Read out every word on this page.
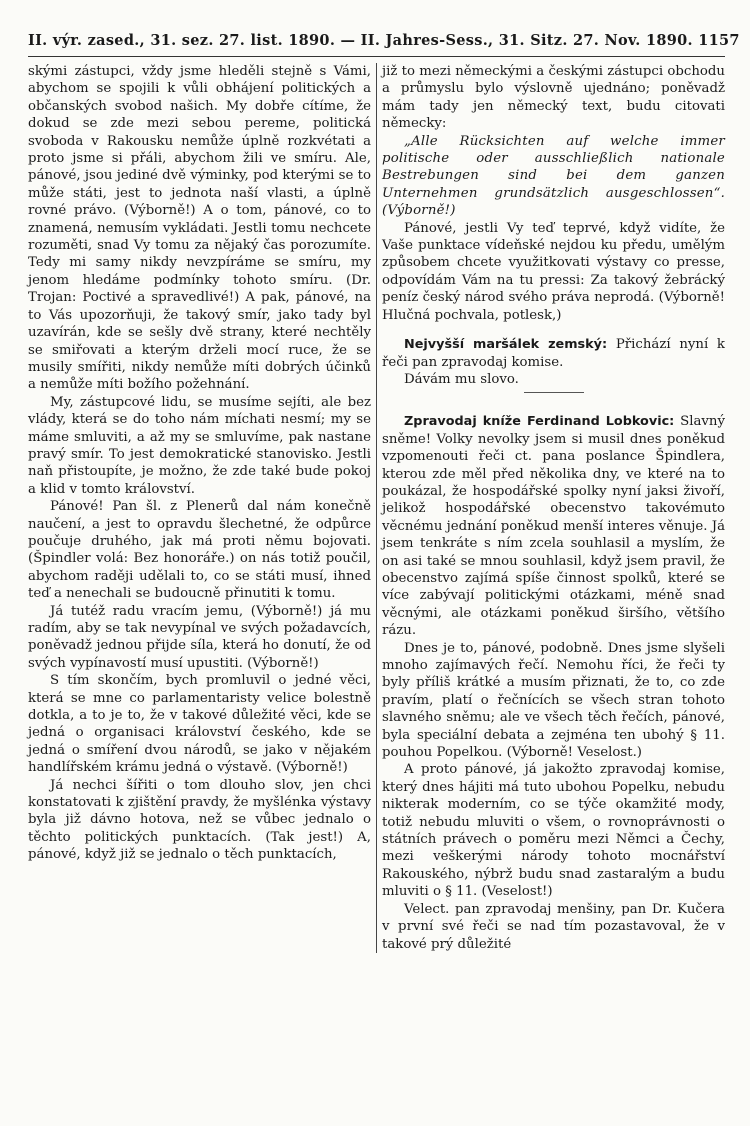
II. výr. zased., 31. sez. 27. list. 1890. — II. Jahres-Sess., 31. Sitz. 27. Nov. 1890. 1157

skými zástupci, vždy jsme hleděli stejně s Vámi, abychom se spojili k vůli obhájení politických a občanských svobod našich. My dobře cítíme, že dokud se zde mezi sebou pereme, politická svoboda v Rakousku nemůže úplně rozkvétati a proto jsme si přáli, abychom žili ve smíru. Ale, pánové, jsou jediné dvě výminky, pod kterými se to může státi, jest to jednota naší vlasti, a úplně rovné právo. (Výborně!) A o tom, pánové, co to znamená, nemusím vykládati. Jestli tomu nechcete rozuměti, snad Vy tomu za nějaký čas porozumíte. Tedy mi samy nikdy nevzpíráme se smíru, my jenom hledáme podmínky tohoto smíru. (Dr. Trojan: Poctivé a spravedlivé!) A pak, pánové, na to Vás upozorňuji, že takový smír, jako tady byl uzavírán, kde se sešly dvě strany, které nechtěly se smiřovati a kterým drželi mocí ruce, že se musily smířiti, nikdy nemůže míti dobrých účinků a nemůže míti božího požehnání.

My, zástupcové lidu, se musíme sejíti, ale bez vlády, která se do toho nám míchati nesmí; my se máme smluviti, a až my se smluvíme, pak nastane pravý smír. To jest demokratické stanovisko. Jestli naň přistoupíte, je možno, že zde také bude pokoj a klid v tomto království.

Pánové! Pan šl. z Plenerů dal nám konečně naučení, a jest to opravdu šlechetné, že odpůrce poučuje druhého, jak má proti němu bojovati. (Špindler volá: Bez honoráře.) on nás totiž poučil, abychom raději udělali to, co se státi musí, ihned teď a nenechali se budoucně přinutiti k tomu.

Já tutéž radu vracím jemu, (Výborně!) já mu radím, aby se tak nevypínal ve svých požadavcích, poněvadž jednou přijde síla, která ho donutí, že od svých vypínavostí musí upustiti. (Výborně!)

S tím skončím, bych promluvil o jedné věci, která se mne co parlamentaristy velice bolestně dotkla, a to je to, že v takové důležité věci, kde se jedná o organisaci království českého, kde se jedná o smíření dvou národů, se jako v nějakém handlířském krámu jedná o výstavě. (Výborně!)

Já nechci šířiti o tom dlouho slov, jen chci konstatovati k zjištění pravdy, že myšlénka výstavy byla již dávno hotova, než se vůbec jednalo o těchto politických punktacích. (Tak jest!) A, pánové, když již se jednalo o těch punktacích,

již to mezi německými a českými zástupci obchodu a průmyslu bylo výslovně ujednáno; poněvadž mám tady jen německý text, budu citovati německy:

„Alle Rücksichten auf welche immer politische oder ausschließlich nationale Bestrebungen sind bei dem ganzen Unternehmen grundsätzlich ausgeschlossen“. (Výborně!)

Pánové, jestli Vy teď teprvé, když vidíte, že Vaše punktace vídeňské nejdou ku předu, umělým způsobem chcete využitkovati výstavy co presse, odpovídám Vám na tu pressi: Za takový žebrácký peníz český národ svého práva neprodá. (Výborně! Hlučná pochvala, potlesk,)

Nejvyšší maršálek zemský: Přichází nyní k řeči pan zpravodaj komise.

Dávám mu slovo.

Zpravodaj kníže Ferdinand Lobkovic: Slavný sněme! Volky nevolky jsem si musil dnes poněkud vzpomenouti řeči ct. pana poslance Špindlera, kterou zde měl před několika dny, ve které na to poukázal, že hospodářské spolky nyní jaksi živoří, jelikož hospodářské obecenstvo takovémuto věcnému jednání poněkud menší interes věnuje. Já jsem tenkráte s ním zcela souhlasil a myslím, že on asi také se mnou souhlasil, když jsem pravil, že obecenstvo zajímá spíše činnost spolků, které se více zabývají politickými otázkami, méně snad věcnými, ale otázkami poněkud širšího, většího rázu.

Dnes je to, pánové, podobně. Dnes jsme slyšeli mnoho zajímavých řečí. Nemohu říci, že řeči ty byly příliš krátké a musím přiznati, že to, co zde pravím, platí o řečnících se všech stran tohoto slavného sněmu; ale ve všech těch řečích, pánové, byla speciální debata a zejména ten ubohý § 11. pouhou Popelkou. (Výborně! Veselost.)

A proto pánové, já jakožto zpravodaj komise, který dnes hájiti má tuto ubohou Popelku, nebudu nikterak moderním, co se týče okamžité mody, totiž nebudu mluviti o všem, o rovnoprávnosti o státních právech o poměru mezi Němci a Čechy, mezi veškerými národy tohoto mocnářství Rakouského, nýbrž budu snad zastaralým a budu mluviti o § 11. (Veselost!)

Velect. pan zpravodaj menšiny, pan Dr. Kučera v první své řeči se nad tím pozastavoval, že v takové prý důležité
